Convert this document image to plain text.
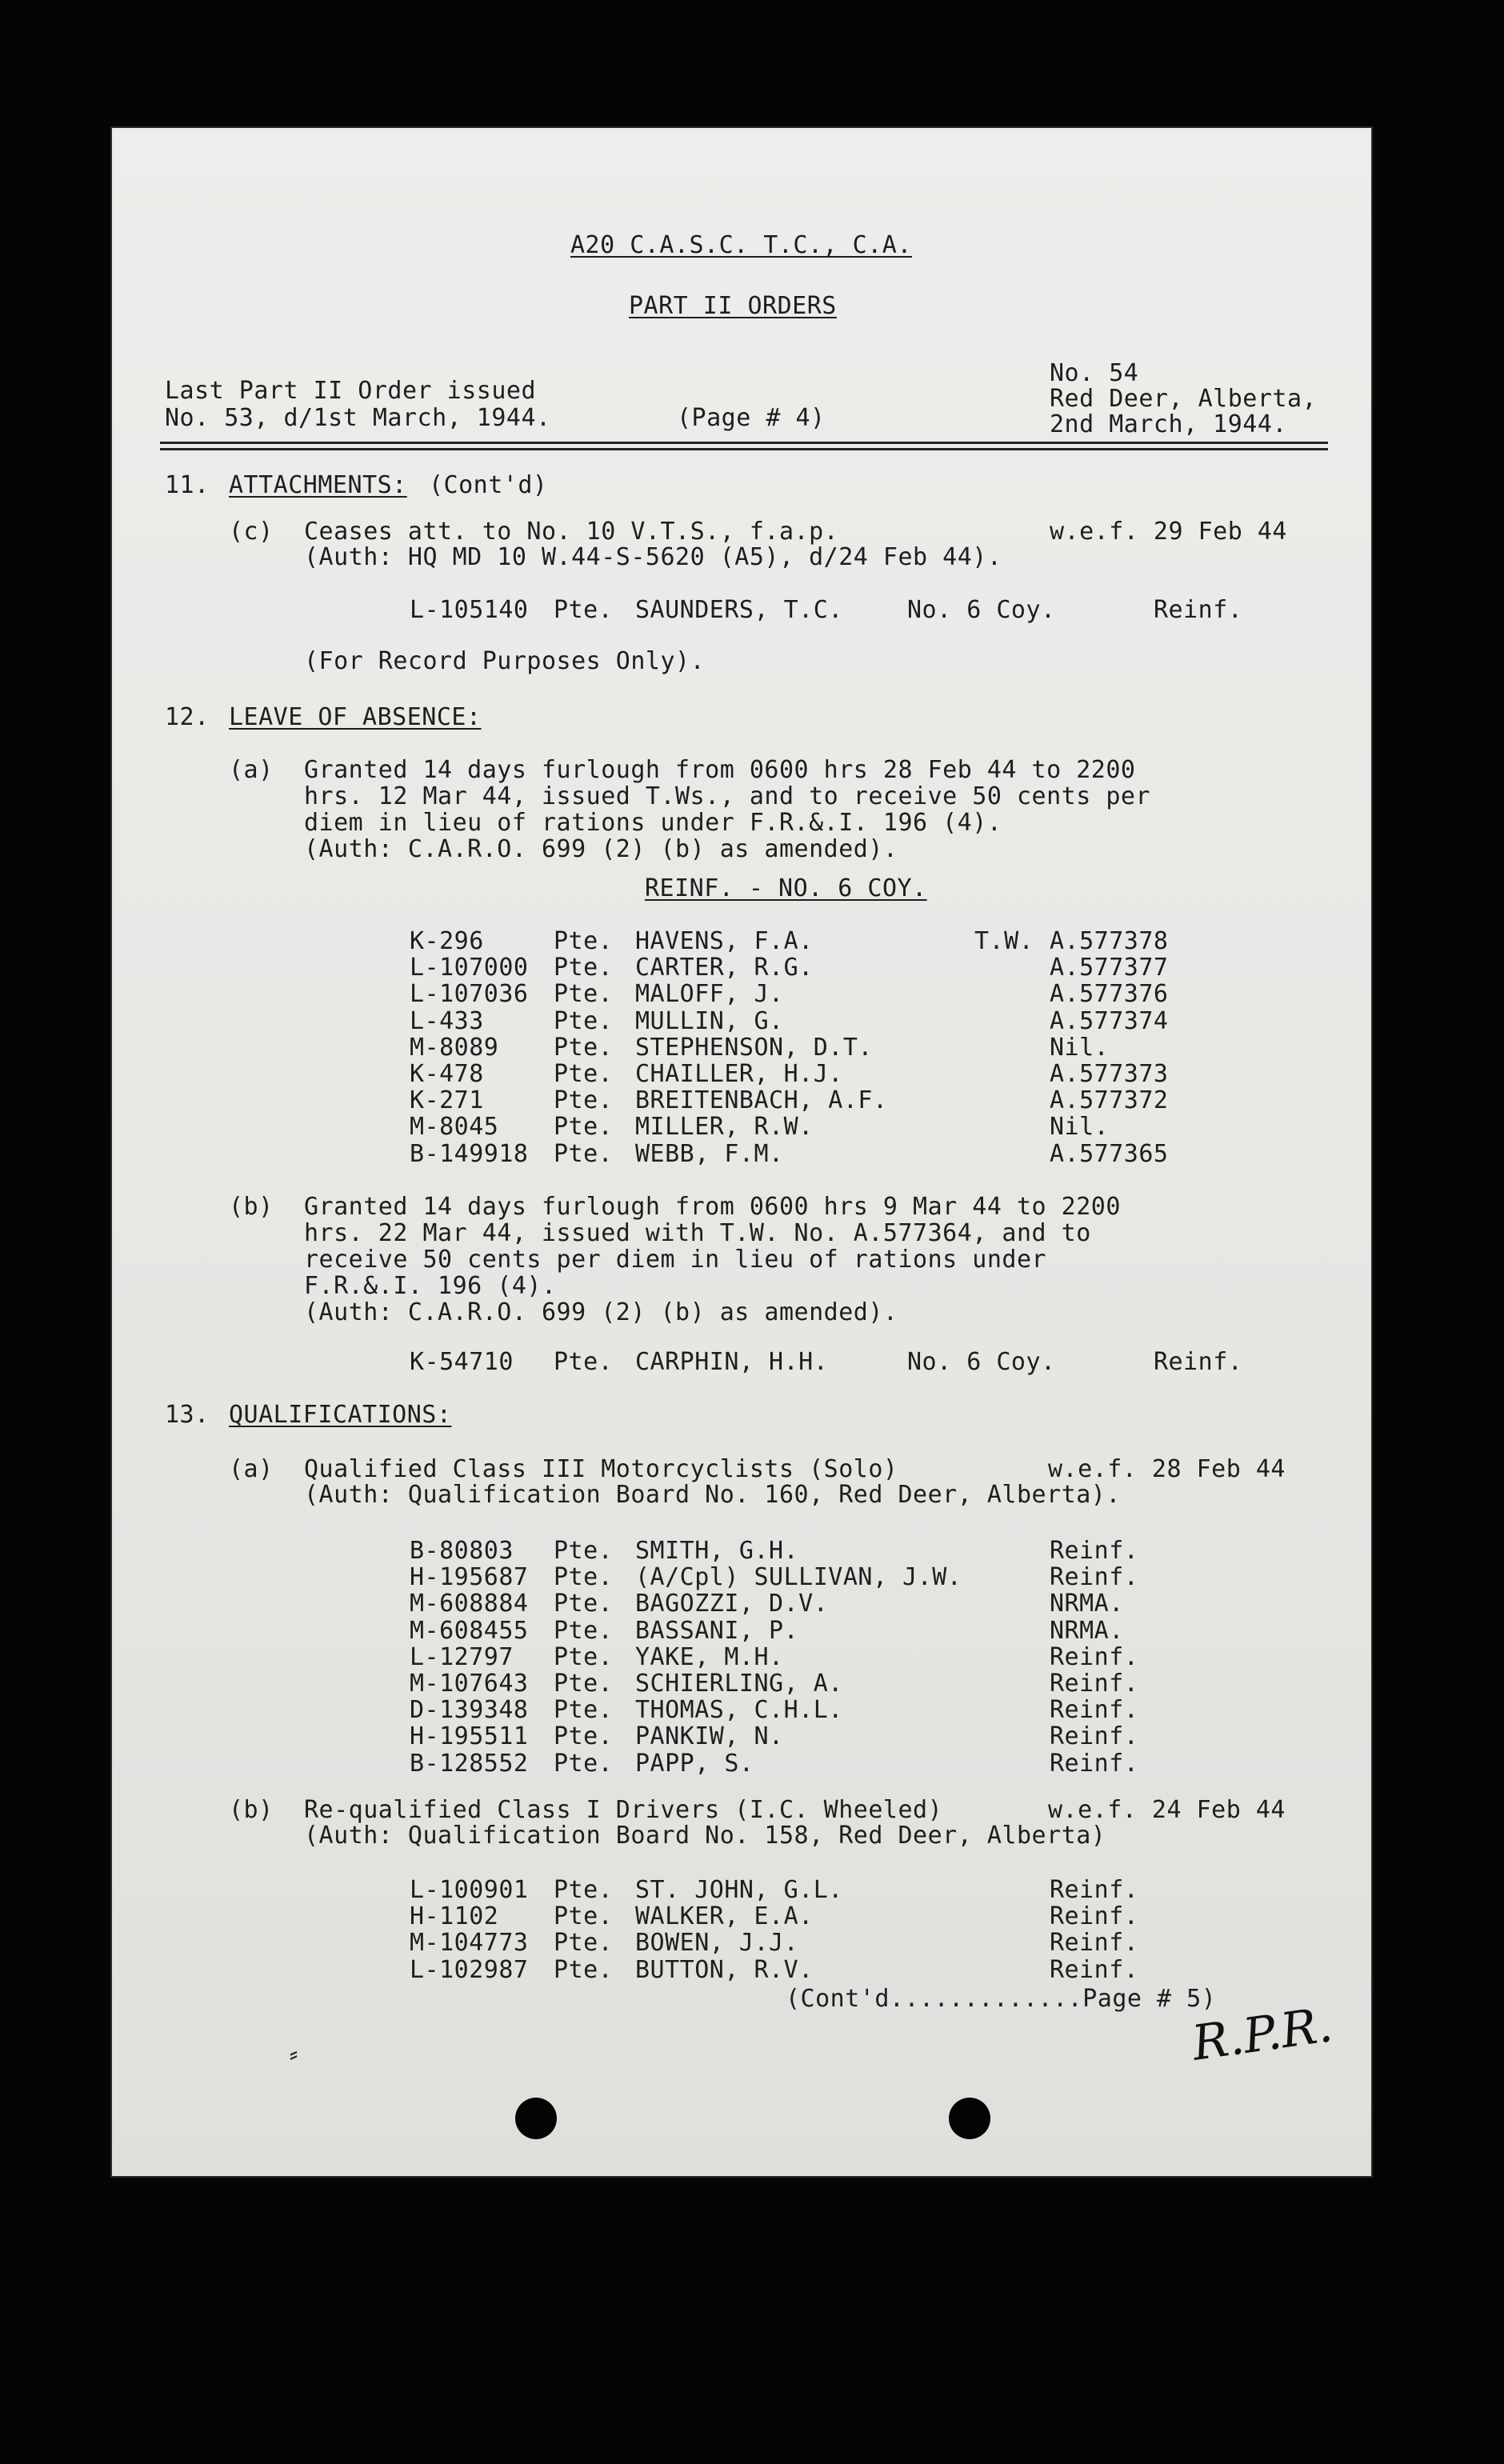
A20 C.A.S.C. T.C., C.A.
PART II ORDERS
Last Part II Order issued
No. 53, d/1st March, 1944.	(Page # 4)
No. 54
Red Deer, Alberta,
2nd March, 1944.
11. ATTACHMENTS: (Cont'd)
(c) Ceases att. to No. 10 V.T.S., f.a.p.	w.e.f. 29 Feb 44
(Auth: HQ MD 10 W.44-S-5620 (A5), d/24 Feb 44).
L-105140 Pte. SAUNDERS, T.C.	No. 6 Coy.	Reinf.
(For Record Purposes Only).
12. LEAVE OF ABSENCE:
(a) Granted 14 days furlough from 0600 hrs 28 Feb 44 to 2200
hrs. 12 Mar 44, issued T.Ws., and to receive 50 cents per
diem in lieu of rations under F.R.&.I. 196 (4).
(Auth: C.A.R.O. 699 (2) (b) as amended).
REINF. - NO. 6 COY.
T.W.
K-296	Pte. HAVENS, F.A.	A.577378
L-107000 Pte. CARTER, R.G.	A.577377
L-107036 Pte. MALOFF, J.	A.577376
L-433	Pte. MULLIN, G.	A.577374
M-8089 Pte. STEPHENSON, D.T.	Nil.
K-478	Pte. CHAILLER, H.J.	A.577373
K-271	Pte. BREITENBACH, A.F.	A.577372
M-8045 Pte. MILLER, R.W.	Nil.
B-149918 Pte. WEBB, F.M.	A.577365
(b) Granted 14 days furlough from 0600 hrs 9 Mar 44 to 2200
hrs. 22 Mar 44, issued with T.W. No. A.577364, and to
receive 50 cents per diem in lieu of rations under
F.R.&.I. 196 (4).
(Auth: C.A.R.O. 699 (2) (b) as amended).
K-54710 Pte. CARPHIN, H.H.	No. 6 Coy.	Reinf.
13. QUALIFICATIONS:
(a) Qualified Class III Motorcyclists (Solo)	w.e.f. 28 Feb 44
(Auth: Qualification Board No. 160, Red Deer, Alberta).
B-80803 Pte. SMITH, G.H.	Reinf.
H-195687 Pte. (A/Cpl) SULLIVAN, J.W.	Reinf.
M-608884 Pte. BAGOZZI, D.V.	NRMA.
M-608455 Pte. BASSANI, P.	NRMA.
L-12797 Pte. YAKE, M.H.	Reinf.
M-107643 Pte. SCHIERLING, A.	Reinf.
D-139348 Pte. THOMAS, C.H.L.	Reinf.
H-195511 Pte. PANKIW, N.	Reinf.
B-128552 Pte. PAPP, S.	Reinf.
(b) Re-qualified Class I Drivers (I.C. Wheeled)	w.e.f. 24 Feb 44
(Auth: Qualification Board No. 158, Red Deer, Alberta)
L-100901 Pte. ST. JOHN, G.L.	Reinf.
H-1102 Pte. WALKER, E.A.	Reinf.
M-104773 Pte. BOWEN, J.J.	Reinf.
L-102987 Pte. BUTTON, R.V.	Reinf.
(Cont'd.............Page # 5)
R.P.R.
⸗
